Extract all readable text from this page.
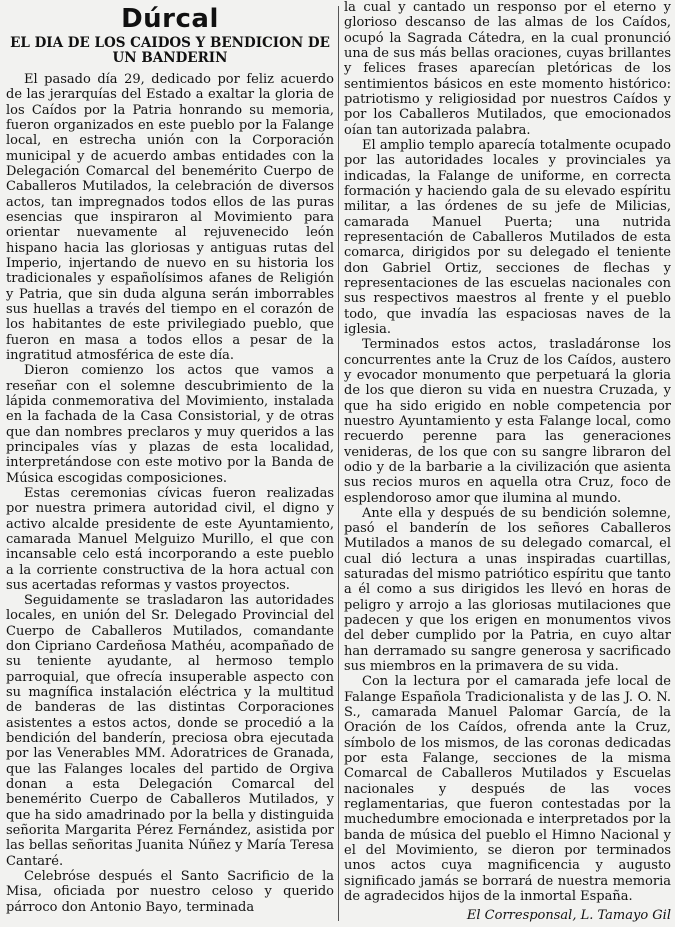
Dúrcal
EL DIA DE LOS CAIDOS Y BENDICION DE UN BANDERIN

El pasado día 29, dedicado por feliz acuerdo de las jerarquías del Estado a exaltar la gloria de los Caídos por la Patria honrando su memoria, fueron organizados en este pueblo por la Falange local, en estrecha unión con la Corporación municipal y de acuerdo ambas entidades con la Delegación Comarcal del benemérito Cuerpo de Caballeros Mutilados, la celebración de diversos actos, tan impregnados todos ellos de las puras esencias que inspiraron al Movimiento para orientar nuevamente al rejuvenecido león hispano hacia las gloriosas y antiguas rutas del Imperio, injertando de nuevo en su historia los tradicionales y españolísimos afanes de Religión y Patria, que sin duda alguna serán imborrables sus huellas a través del tiempo en el corazón de los habitantes de este privilegiado pueblo, que fueron en masa a todos ellos a pesar de la ingratitud atmosférica de este día.

Dieron comienzo los actos que vamos a reseñar con el solemne descubrimiento de la lápida conmemorativa del Movimiento, instalada en la fachada de la Casa Consistorial, y de otras que dan nombres preclaros y muy queridos a las principales vías y plazas de esta localidad, interpretándose con este motivo por la Banda de Música escogidas composiciones.

Estas ceremonias cívicas fueron realizadas por nuestra primera autoridad civil, el digno y activo alcalde presidente de este Ayuntamiento, camarada Manuel Melguizo Murillo, el que con incansable celo está incorporando a este pueblo a la corriente constructiva de la hora actual con sus acertadas reformas y vastos proyectos.

Seguidamente se trasladaron las autoridades locales, en unión del Sr. Delegado Provincial del Cuerpo de Caballeros Mutilados, comandante don Cipriano Cardeñosa Mathéu, acompañado de su teniente ayudante, al hermoso templo parroquial, que ofrecía insuperable aspecto con su magnífica instalación eléctrica y la multitud de banderas de las distintas Corporaciones asistentes a estos actos, donde se procedió a la bendición del banderín, preciosa obra ejecutada por las Venerables MM. Adoratrices de Granada, que las Falanges locales del partido de Orgiva donan a esta Delegación Comarcal del benemérito Cuerpo de Caballeros Mutilados, y que ha sido amadrinado por la bella y distinguida señorita Margarita Pérez Fernández, asistida por las bellas señoritas Juanita Núñez y María Teresa Cantaré.

Celebróse después el Santo Sacrificio de la Misa, oficiada por nuestro celoso y querido párroco don Antonio Bayo, terminada

la cual y cantado un responso por el eterno y glorioso descanso de las almas de los Caídos, ocupó la Sagrada Cátedra, en la cual pronunció una de sus más bellas oraciones, cuyas brillantes y felices frases aparecían pletóricas de los sentimientos básicos en este momento histórico: patriotismo y religiosidad por nuestros Caídos y por los Caballeros Mutilados, que emocionados oían tan autorizada palabra.

El amplio templo aparecía totalmente ocupado por las autoridades locales y provinciales ya indicadas, la Falange de uniforme, en correcta formación y haciendo gala de su elevado espíritu militar, a las órdenes de su jefe de Milicias, camarada Manuel Puerta; una nutrida representación de Caballeros Mutilados de esta comarca, dirigidos por su delegado el teniente don Gabriel Ortiz, secciones de flechas y representaciones de las escuelas nacionales con sus respectivos maestros al frente y el pueblo todo, que invadía las espaciosas naves de la iglesia.

Terminados estos actos, trasladáronse los concurrentes ante la Cruz de los Caídos, austero y evocador monumento que perpetuará la gloria de los que dieron su vida en nuestra Cruzada, y que ha sido erigido en noble competencia por nuestro Ayuntamiento y esta Falange local, como recuerdo perenne para las generaciones venideras, de los que con su sangre libraron del odio y de la barbarie a la civilización que asienta sus recios muros en aquella otra Cruz, foco de esplendoroso amor que ilumina al mundo.

Ante ella y después de su bendición solemne, pasó el banderín de los señores Caballeros Mutilados a manos de su delegado comarcal, el cual dió lectura a unas inspiradas cuartillas, saturadas del mismo patriótico espíritu que tanto a él como a sus dirigidos les llevó en horas de peligro y arrojo a las gloriosas mutilaciones que padecen y que los erigen en monumentos vivos del deber cumplido por la Patria, en cuyo altar han derramado su sangre generosa y sacrificado sus miembros en la primavera de su vida.

Con la lectura por el camarada jefe local de Falange Española Tradicionalista y de las J. O. N. S., camarada Manuel Palomar García, de la Oración de los Caídos, ofrenda ante la Cruz, símbolo de los mismos, de las coronas dedicadas por esta Falange, secciones de la misma Comarcal de Caballeros Mutilados y Escuelas nacionales y después de las voces reglamentarias, que fueron contestadas por la muchedumbre emocionada e interpretados por la banda de música del pueblo el Himno Nacional y el del Movimiento, se dieron por terminados unos actos cuya magnificencia y augusto significado jamás se borrará de nuestra memoria de agradecidos hijos de la inmortal España.

El Corresponsal, L. Tamayo Gil
